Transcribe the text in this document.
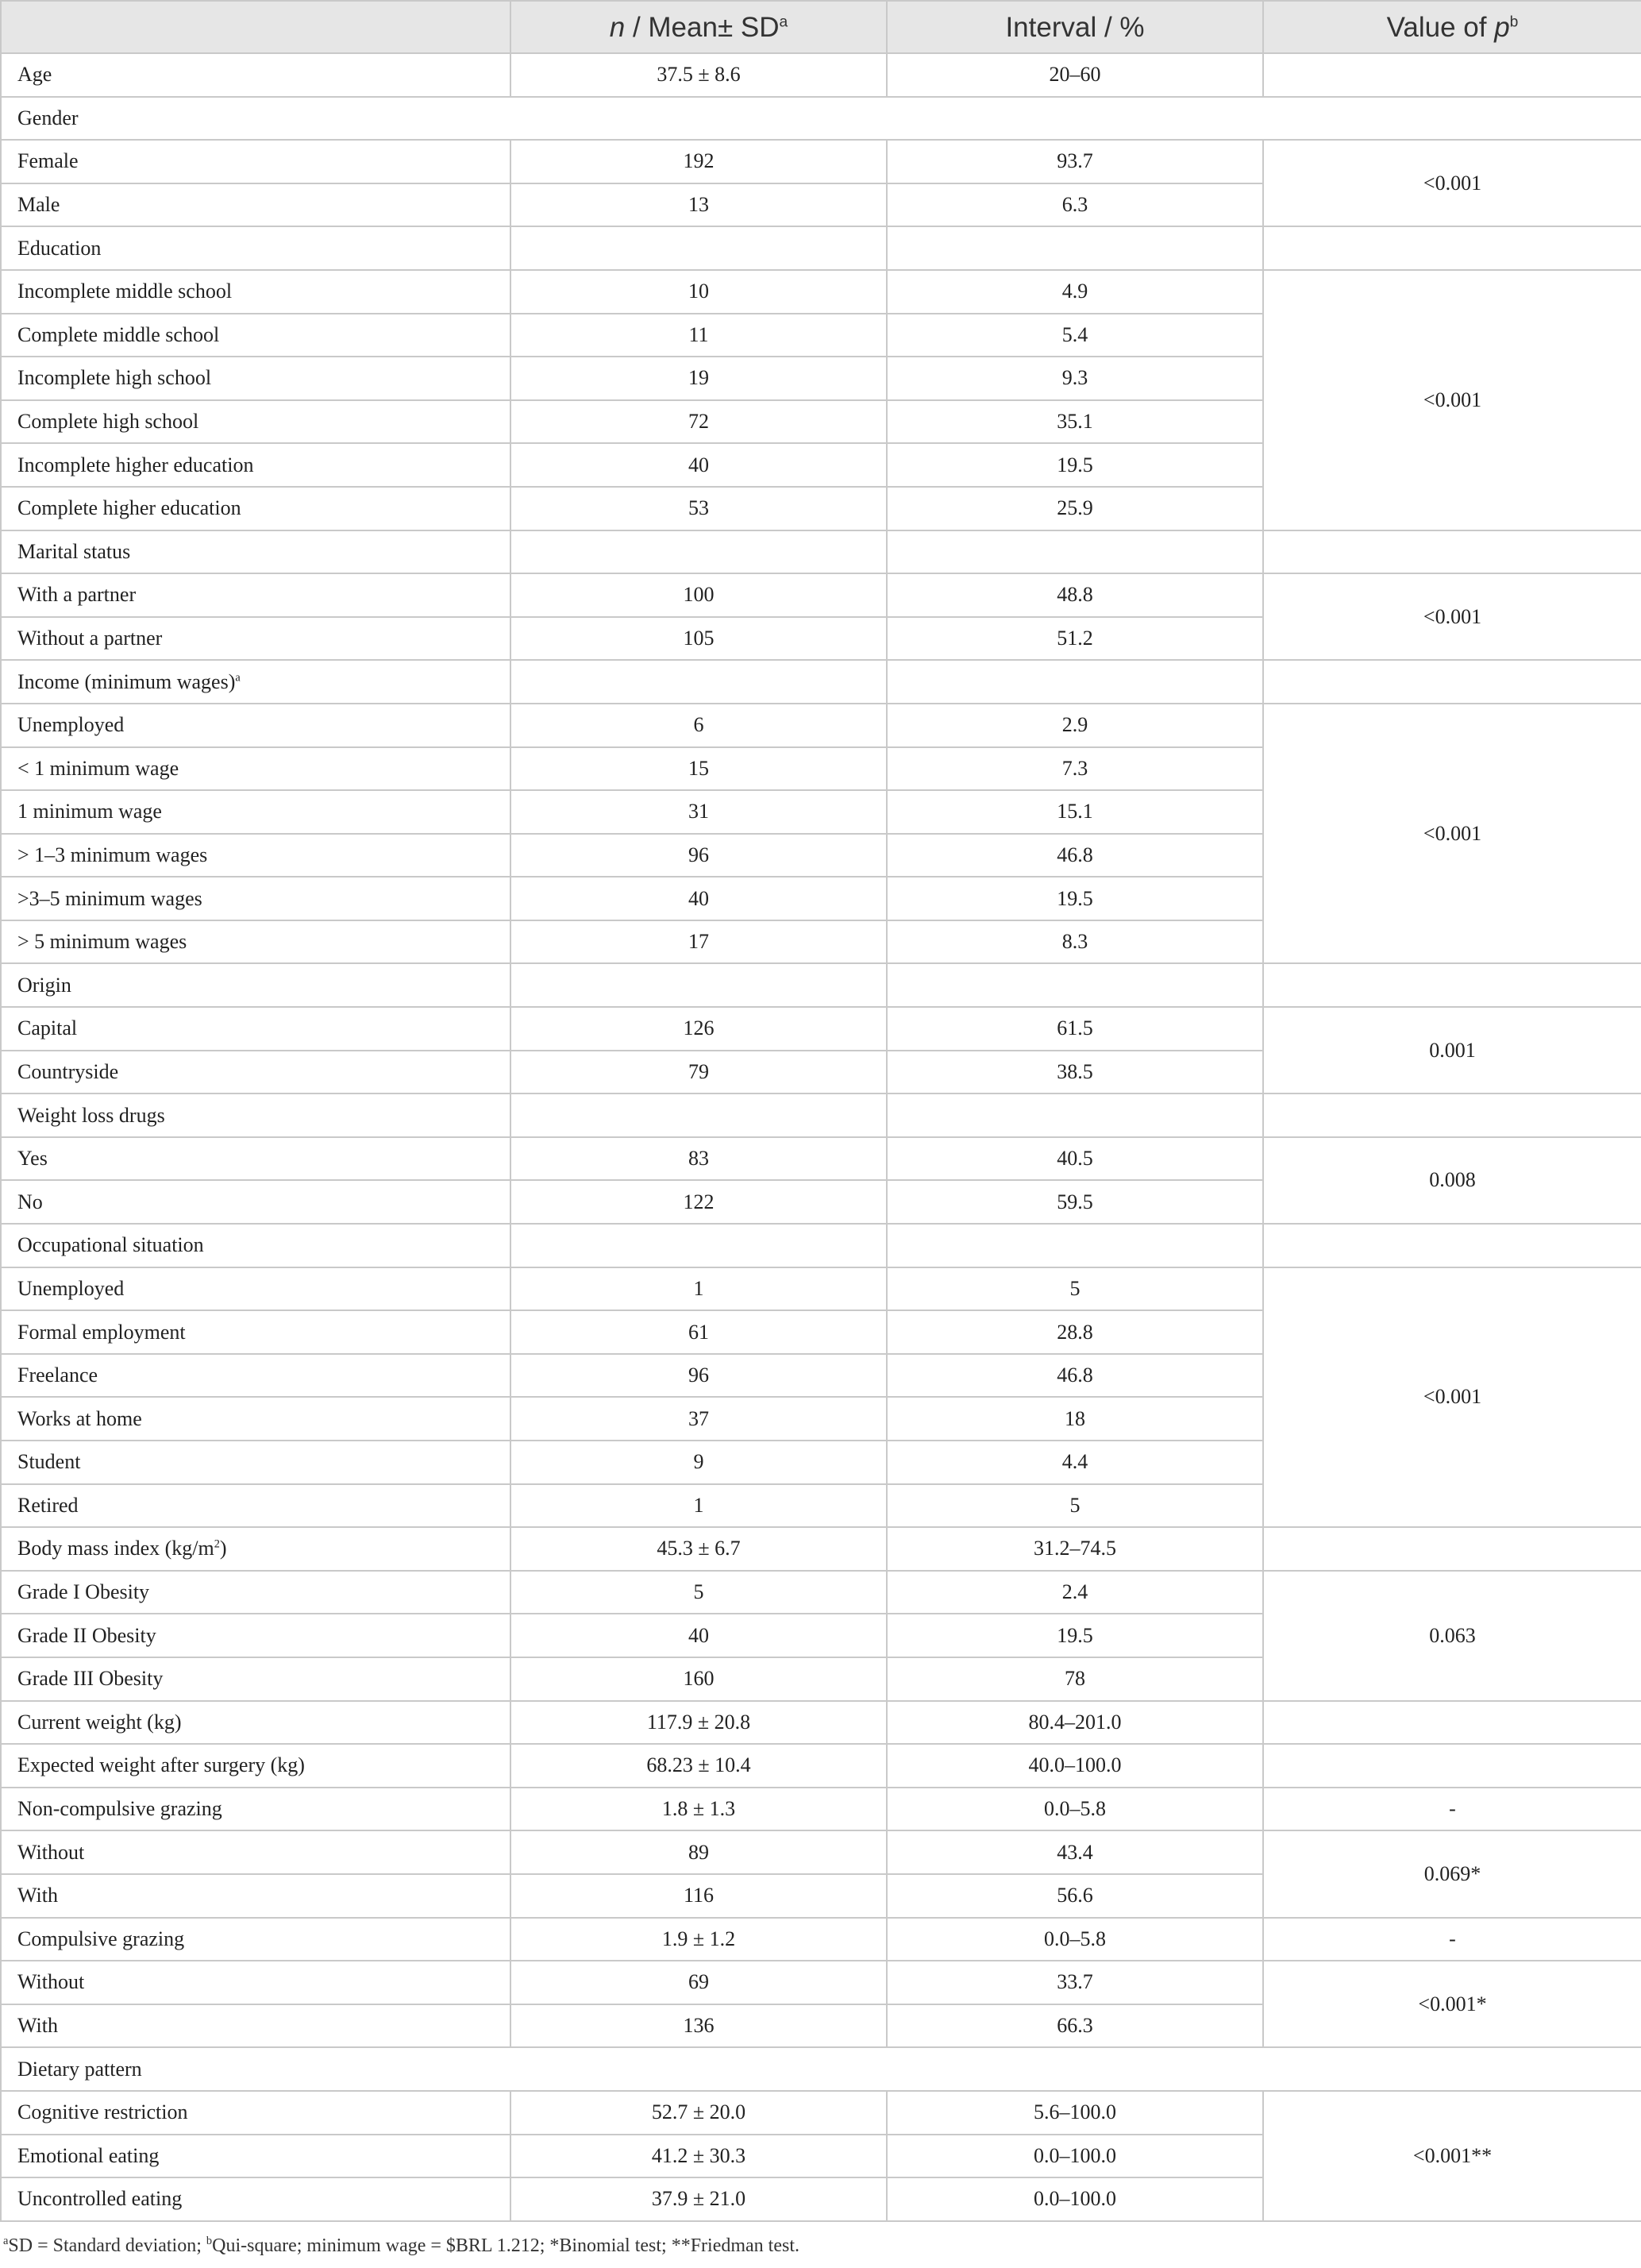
	n / Mean± $SD^a$	Interval / %	Value of $p^b$
Age	37.5 ± 8.6	20–60	
Gender			
Female	192	93.7	<0.001
Male	13	6.3	
Education			
Incomplete middle school	10	4.9	<0.001
Complete middle school	11	5.4	
Incomplete high school	19	9.3	
Complete high school	72	35.1	
Incomplete higher education	40	19.5	
Complete higher education	53	25.9	
Marital status			
With a partner	100	48.8	<0.001
Without a partner	105	51.2	
Income (minimum wages)$^a$			
Unemployed	6	2.9	<0.001
< 1 minimum wage	15	7.3	
1 minimum wage	31	15.1	
> 1–3 minimum wages	96	46.8	
>3–5 minimum wages	40	19.5	
> 5 minimum wages	17	8.3	
Origin			
Capital	126	61.5	0.001
Countryside	79	38.5	
Weight loss drugs			
Yes	83	40.5	0.008
No	122	59.5	
Occupational situation			
Unemployed	1	5	<0.001
Formal employment	61	28.8	
Freelance	96	46.8	
Works at home	37	18	
Student	9	4.4	
Retired	1	5	
Body mass index $(kg/m^2)$	45.3 ± 6.7	31.2–74.5	
Grade I Obesity	5	2.4	0.063
Grade II Obesity	40	19.5	
Grade III Obesity	160	78	
Current weight (kg)	117.9 ± 20.8	80.4–201.0	
Expected weight after surgery (kg)	68.23 ± 10.4	40.0–100.0	
Non-compulsive grazing	1.8 ± 1.3	0.0–5.8	-
Without	89	43.4	0.069*
With	116	56.6	
Compulsive grazing	1.9 ± 1.2	0.0–5.8	-
Without	69	33.7	<0.001*
With	136	66.3	
Dietary pattern			
Cognitive restriction	52.7 ± 20.0	5.6–100.0	<0.001**
Emotional eating	41.2 ± 30.3	0.0–100.0	
Uncontrolled eating	37.9 ± 21.0	0.0–100.0	
$^a$SD = Standard deviation; $^b$Qui-square; minimum wage = $BRL 1.212; *Binomial test; **Friedman test.
